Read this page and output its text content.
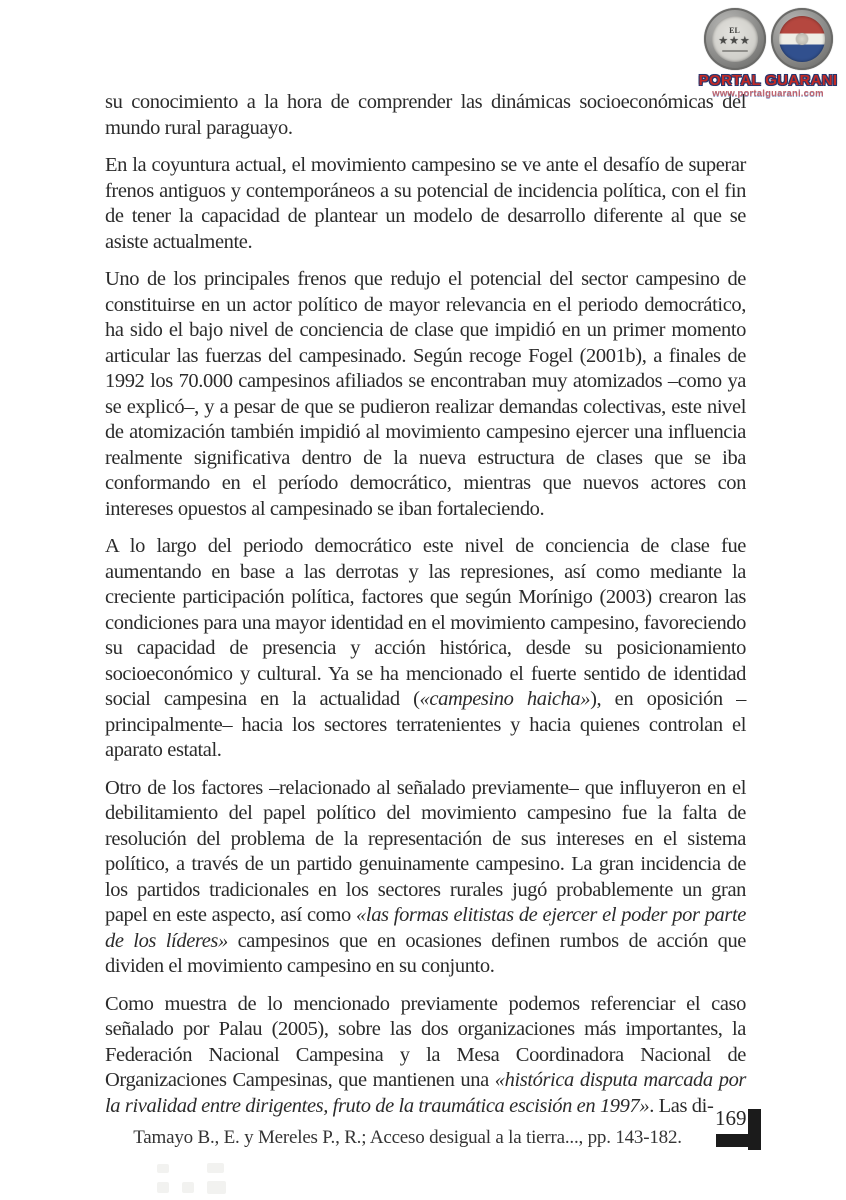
EL
★★★
PORTAL GUARANI
www.portalguarani.com

su conocimiento a la hora de comprender las dinámicas socioeconómicas del mundo rural paraguayo.

En la coyuntura actual, el movimiento campesino se ve ante el desafío de superar frenos antiguos y contemporáneos a su potencial de incidencia política, con el fin de tener la capacidad de plantear un modelo de desarrollo diferente al que se asiste actualmente.

Uno de los principales frenos que redujo el potencial del sector campesino de constituirse en un actor político de mayor relevancia en el periodo democrático, ha sido el bajo nivel de conciencia de clase que impidió en un primer momento articular las fuerzas del campesinado. Según recoge Fogel (2001b), a finales de 1992 los 70.000 campesinos afiliados se encontraban muy atomizados –como ya se explicó–, y a pesar de que se pudieron realizar demandas colectivas, este nivel de atomización también impidió al movimiento campesino ejercer una influencia realmente significativa dentro de la nueva estructura de clases que se iba conformando en el período democrático, mientras que nuevos actores con intereses opuestos al campesinado se iban fortaleciendo.

A lo largo del periodo democrático este nivel de conciencia de clase fue aumentando en base a las derrotas y las represiones, así como mediante la creciente participación política, factores que según Morínigo (2003) crearon las condiciones para una mayor identidad en el movimiento campesino, favoreciendo su capacidad de presencia y acción histórica, desde su posicionamiento socioeconómico y cultural. Ya se ha mencionado el fuerte sentido de identidad social campesina en la actualidad («campesino haicha»), en oposición –principalmente– hacia los sectores terratenientes y hacia quienes controlan el aparato estatal.

Otro de los factores –relacionado al señalado previamente– que influyeron en el debilitamiento del papel político del movimiento campesino fue la falta de resolución del problema de la representación de sus intereses en el sistema político, a través de un partido genuinamente campesino. La gran incidencia de los partidos tradicionales en los sectores rurales jugó probablemente un gran papel en este aspecto, así como «las formas elitistas de ejercer el poder por parte de los líderes» campesinos que en ocasiones definen rumbos de acción que dividen el movimiento campesino en su conjunto.

Como muestra de lo mencionado previamente podemos referenciar el caso señalado por Palau (2005), sobre las dos organizaciones más importantes, la Federación Nacional Campesina y la Mesa Coordinadora Nacional de Organizaciones Campesinas, que mantienen una «histórica disputa marcada por la rivalidad entre dirigentes, fruto de la traumática escisión en 1997». Las di-

Tamayo B., E. y Mereles P., R.; Acceso desigual a la tierra..., pp. 143-182.
169
